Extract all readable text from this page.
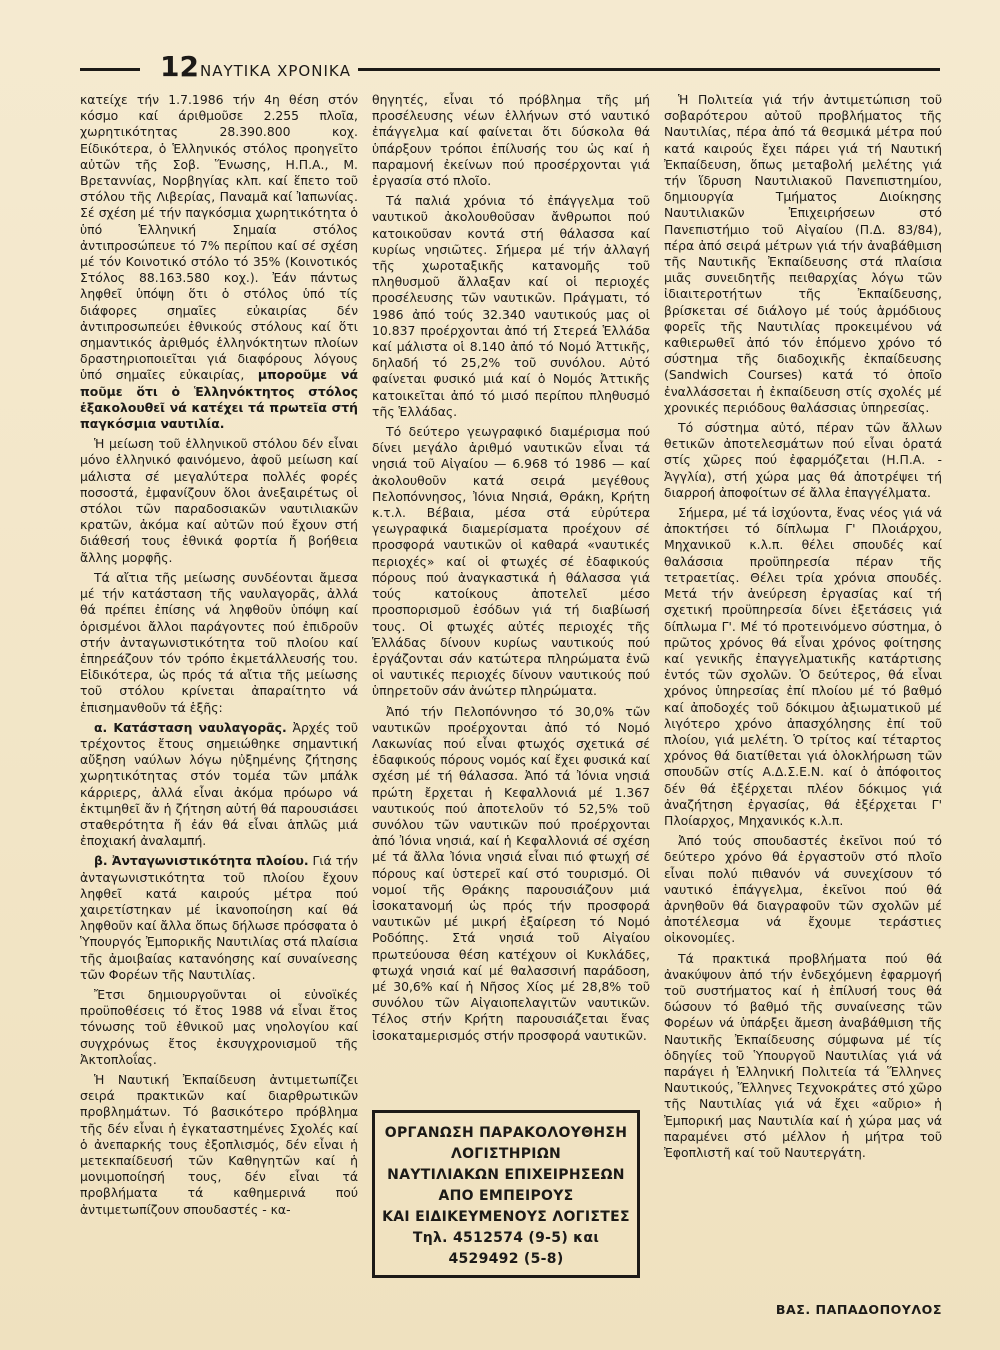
12 ΝΑΥΤΙΚΑ ΧΡΟΝΙΚΑ

κατείχε τήν 1.7.1986 τήν 4η θέση στόν κόσμο καί άριθμοῦσε 2.255 πλοῖα, χωρητικότητας 28.390.800 κοχ. Είδικότερα, ὁ Ἑλληνικός στόλος προηγεῖτο αὐτῶν τῆς Σοβ. Ἕνωσης, Η.Π.Α., Μ. Βρεταννίας, Νορβηγίας κλπ. καί ἕπετο τοῦ στόλου τῆς Λιβερίας, Παναμᾶ καί Ἰαπωνίας. Σέ σχέση μέ τήν παγκόσμια χωρητικότητα ὁ ὑπό Ἑλληνική Σημαία στόλος ἀντιπροσώπευε τό 7% περίπου καί σέ σχέση μέ τόν Κοινοτικό στόλο τό 35% (Κοινοτικός Στόλος 88.163.580 κοχ.). Ἐάν πάντως ληφθεῖ ὑπόψη ὅτι ὁ στόλος ὑπό τίς διάφορες σημαῖες εὐκαιρίας δέν ἀντιπροσωπεύει ἐθνικούς στόλους καί ὅτι σημαντικός ἀριθμός ἑλληνόκτητων πλοίων δραστηριοποιεῖται γιά διαφόρους λόγους ὑπό σημαῖες εὐκαιρίας, μποροῦμε νά ποῦμε ὅτι ὁ Ἑλληνόκτητος στόλος ἐξακολουθεῖ νά κατέχει τά πρωτεῖα στή παγκόσμια ναυτιλία.

Ἡ μείωση τοῦ ἑλληνικοῦ στόλου δέν εἶναι μόνο ἑλληνικό φαινόμενο, ἀφοῦ μείωση καί μάλιστα σέ μεγαλύτερα πολλές φορές ποσοστά, ἐμφανίζουν ὅλοι ἀνεξαιρέτως οἱ στόλοι τῶν παραδοσιακῶν ναυτιλιακῶν κρατῶν, ἀκόμα καί αὐτῶν πού ἔχουν στή διάθεσή τους ἐθνικά φορτία ἤ βοήθεια ἄλλης μορφῆς.

Τά αἴτια τῆς μείωσης συνδέονται ἄμεσα μέ τήν κατάσταση τῆς ναυλαγορᾶς, ἀλλά θά πρέπει ἐπίσης νά ληφθοῦν ὑπόψη καί ὁρισμένοι ἄλλοι παράγοντες πού ἐπιδροῦν στήν ἀνταγωνιστικότητα τοῦ πλοίου καί ἐπηρεάζουν τόν τρόπο ἐκμετάλλευσής του. Εἰδικότερα, ὡς πρός τά αἴτια τῆς μείωσης τοῦ στόλου κρίνεται ἀπαραίτητο νά ἐπισημανθοῦν τά ἑξῆς:

α. Κατάσταση ναυλαγορᾶς. Ἀρχές τοῦ τρέχοντος ἔτους σημειώθηκε σημαντική αὔξηση ναύλων λόγω ηὐξημένης ζήτησης χωρητικότητας στόν τομέα τῶν μπάλκ κάρριερς, ἀλλά εἶναι ἀκόμα πρόωρο νά ἐκτιμηθεῖ ἄν ἡ ζήτηση αὐτή θά παρουσιάσει σταθερότητα ἤ ἐάν θά εἶναι ἁπλῶς μιά ἐποχιακή ἀναλαμπή.

β. Ἀνταγωνιστικότητα πλοίου. Γιά τήν ἀνταγωνιστικότητα τοῦ πλοίου ἔχουν ληφθεῖ κατά καιρούς μέτρα πού χαιρετίστηκαν μέ ἱκανοποίηση καί θά ληφθοῦν καί ἄλλα ὅπως δήλωσε πρόσφατα ὁ Ὑπουργός Ἐμπορικῆς Ναυτιλίας στά πλαίσια τῆς ἀμοιβαίας κατανόησης καί συναίνεσης τῶν Φορέων τῆς Ναυτιλίας.

Ἔτσι δημιουργοῦνται οἱ εὐνοϊκές προϋποθέσεις τό ἔτος 1988 νά εἶναι ἔτος τόνωσης τοῦ ἐθνικοῦ μας νηολογίου καί συγχρόνως ἔτος ἐκσυγχρονισμοῦ τῆς Ἀκτοπλοΐας.

Ἡ Ναυτική Ἐκπαίδευση ἀντιμετωπίζει σειρά πρακτικῶν καί διαρθρωτικῶν προβλημάτων. Τό βασικότερο πρόβλημα τῆς δέν εἶναι ἡ ἐγκαταστημένες Σχολές καί ὁ ἀνεπαρκής τους ἐξοπλισμός, δέν εἶναι ἡ μετεκπαίδευσή τῶν Καθηγητῶν καί ἡ μονιμοποίησή τους, δέν εἶναι τά προβλήματα τά καθημερινά πού ἀντιμετωπίζουν σπουδαστές - κα-

θηγητές, εἶναι τό πρόβλημα τῆς μή προσέλευσης νέων ἑλλήνων στό ναυτικό ἐπάγγελμα καί φαίνεται ὅτι δύσκολα θά ὑπάρξουν τρόποι ἐπίλυσής του ὡς καί ἡ παραμονή ἐκείνων πού προσέρχονται γιά ἐργασία στό πλοῖο.

Τά παλιά χρόνια τό ἐπάγγελμα τοῦ ναυτικοῦ ἀκολουθοῦσαν ἄνθρωποι πού κατοικοῦσαν κοντά στή θάλασσα καί κυρίως νησιῶτες. Σήμερα μέ τήν ἀλλαγή τῆς χωροταξικῆς κατανομῆς τοῦ πληθυσμοῦ ἄλλαξαν καί οἱ περιοχές προσέλευσης τῶν ναυτικῶν. Πράγματι, τό 1986 ἀπό τούς 32.340 ναυτικούς μας οἱ 10.837 προέρχονται ἀπό τή Στερεά Ἑλλάδα καί μάλιστα οἱ 8.140 ἀπό τό Νομό Ἀττικῆς, δηλαδή τό 25,2% τοῦ συνόλου. Αὐτό φαίνεται φυσικό μιά καί ὁ Νομός Ἀττικῆς κατοικεῖται ἀπό τό μισό περίπου πληθυσμό τῆς Ἑλλάδας.

Τό δεύτερο γεωγραφικό διαμέρισμα πού δίνει μεγάλο ἀριθμό ναυτικῶν εἶναι τά νησιά τοῦ Αἰγαίου — 6.968 τό 1986 — καί ἀκολουθοῦν κατά σειρά μεγέθους Πελοπόννησος, Ἰόνια Νησιά, Θράκη, Κρήτη κ.τ.λ. Βέβαια, μέσα στά εὐρύτερα γεωγραφικά διαμερίσματα προέχουν σέ προσφορά ναυτικῶν οἱ καθαρά «ναυτικές περιοχές» καί οἱ φτωχές σέ ἐδαφικούς πόρους πού ἀναγκαστικά ἡ θάλασσα γιά τούς κατοίκους ἀποτελεῖ μέσο προσπορισμοῦ ἐσόδων γιά τή διαβίωσή τους. Οἱ φτωχές αὐτές περιοχές τῆς Ἑλλάδας δίνουν κυρίως ναυτικούς πού ἐργάζονται σάν κατώτερα πληρώματα ἐνῶ οἱ ναυτικές περιοχές δίνουν ναυτικούς πού ὑπηρετοῦν σάν ἀνώτερ πληρώματα.

Ἀπό τήν Πελοπόννησο τό 30,0% τῶν ναυτικῶν προέρχονται ἀπό τό Νομό Λακωνίας πού εἶναι φτωχός σχετικά σέ ἐδαφικούς πόρους νομός καί ἔχει φυσικά καί σχέση μέ τή θάλασσα. Ἀπό τά Ἰόνια νησιά πρώτη ἔρχεται ἡ Κεφαλλονιά μέ 1.367 ναυτικούς πού ἀποτελοῦν τό 52,5% τοῦ συνόλου τῶν ναυτικῶν πού προέρχονται ἀπό Ἰόνια νησιά, καί ἡ Κεφαλλονιά σέ σχέση μέ τά ἄλλα Ἰόνια νησιά εἶναι πιό φτωχή σέ πόρους καί ὑστερεῖ καί στό τουρισμό. Οἱ νομοί τῆς Θράκης παρουσιάζουν μιά ἰσοκατανομή ὡς πρός τήν προσφορά ναυτικῶν μέ μικρή ἐξαίρεση τό Νομό Ροδόπης. Στά νησιά τοῦ Αἰγαίου πρωτεύουσα θέση κατέχουν οἱ Κυκλάδες, φτωχά νησιά καί μέ θαλασσινή παράδοση, μέ 30,6% καί ἡ Νῆσος Χίος μέ 28,8% τοῦ συνόλου τῶν Αἰγαιοπελαγιτῶν ναυτικῶν. Τέλος στήν Κρήτη παρουσιάζεται ἕνας ἰσοκαταμερισμός στήν προσφορά ναυτικῶν.

ΟΡΓΑΝΩΣΗ ΠΑΡΑΚΟΛΟΥΘΗΣΗ
ΛΟΓΙΣΤΗΡΙΩΝ
ΝΑΥΤΙΛΙΑΚΩΝ ΕΠΙΧΕΙΡΗΣΕΩΝ
ΑΠΟ ΕΜΠΕΙΡΟΥΣ
ΚΑΙ ΕΙΔΙΚΕΥΜΕΝΟΥΣ ΛΟΓΙΣΤΕΣ
Τηλ. 4512574 (9-5) και
4529492 (5-8)

Ἡ Πολιτεία γιά τήν ἀντιμετώπιση τοῦ σοβαρότερου αὐτοῦ προβλήματος τῆς Ναυτιλίας, πέρα ἀπό τά θεσμικά μέτρα πού κατά καιρούς ἔχει πάρει γιά τή Ναυτική Ἐκπαίδευση, ὅπως μεταβολή μελέτης γιά τήν ἵδρυση Ναυτιλιακοῦ Πανεπιστημίου, δημιουργία Τμήματος Διοίκησης Ναυτιλιακῶν Ἐπιχειρήσεων στό Πανεπιστήμιο τοῦ Αἰγαίου (Π.Δ. 83/84), πέρα ἀπό σειρά μέτρων γιά τήν ἀναβάθμιση τῆς Ναυτικῆς Ἐκπαίδευσης στά πλαίσια μιᾶς συνειδητῆς πειθαρχίας λόγω τῶν ἰδιαιτεροτήτων τῆς Ἐκπαίδευσης, βρίσκεται σέ διάλογο μέ τούς ἁρμόδιους φορεῖς τῆς Ναυτιλίας προκειμένου νά καθιερωθεῖ ἀπό τόν ἑπόμενο χρόνο τό σύστημα τῆς διαδοχικῆς ἐκπαίδευσης (Sandwich Courses) κατά τό ὁποῖο ἐναλλάσσεται ἡ ἐκπαίδευση στίς σχολές μέ χρονικές περιόδους θαλάσσιας ὑπηρεσίας.

Τό σύστημα αὐτό, πέραν τῶν ἄλλων θετικῶν ἀποτελεσμάτων πού εἶναι ὁρατά στίς χῶρες πού ἐφαρμόζεται (Η.Π.Α. - Ἀγγλία), στή χώρα μας θά ἀποτρέψει τή διαρροή ἀποφοίτων σέ ἄλλα ἐπαγγέλματα.

Σήμερα, μέ τά ἰσχύοντα, ἕνας νέος γιά νά ἀποκτήσει τό δίπλωμα Γ' Πλοιάρχου, Μηχανικοῦ κ.λ.π. θέλει σπουδές καί θαλάσσια προϋπηρεσία πέραν τῆς τετραετίας. Θέλει τρία χρόνια σπουδές. Μετά τήν ἀνεύρεση ἐργασίας καί τή σχετική προϋπηρεσία δίνει ἐξετάσεις γιά δίπλωμα Γ'. Μέ τό προτεινόμενο σύστημα, ὁ πρῶτος χρόνος θά εἶναι χρόνος φοίτησης καί γενικῆς ἐπαγγελματικῆς κατάρτισης ἐντός τῶν σχολῶν. Ὁ δεύτερος, θά εἶναι χρόνος ὑπηρεσίας ἐπί πλοίου μέ τό βαθμό καί ἀποδοχές τοῦ δόκιμου ἀξιωματικοῦ μέ λιγότερο χρόνο ἀπασχόλησης ἐπί τοῦ πλοίου, γιά μελέτη. Ὁ τρίτος καί τέταρτος χρόνος θά διατίθεται γιά ὁλοκλήρωση τῶν σπουδῶν στίς Α.Δ.Σ.Ε.Ν. καί ὁ ἀπόφοιτος δέν θά ἐξέρχεται πλέον δόκιμος γιά ἀναζήτηση ἐργασίας, θά ἐξέρχεται Γ' Πλοίαρχος, Μηχανικός κ.λ.π.

Ἀπό τούς σπουδαστές ἐκεῖνοι πού τό δεύτερο χρόνο θά ἐργαστοῦν στό πλοῖο εἶναι πολύ πιθανόν νά συνεχίσουν τό ναυτικό ἐπάγγελμα, ἐκεῖνοι πού θά ἀρνηθοῦν θά διαγραφοῦν τῶν σχολῶν μέ ἀποτέλεσμα νά ἔχουμε τεράστιες οἰκονομίες.

Τά πρακτικά προβλήματα πού θά ἀνακύψουν ἀπό τήν ἐνδεχόμενη ἐφαρμογή τοῦ συστήματος καί ἡ ἐπίλυσή τους θά δώσουν τό βαθμό τῆς συναίνεσης τῶν Φορέων νά ὑπάρξει ἄμεση ἀναβάθμιση τῆς Ναυτικῆς Ἐκπαίδευσης σύμφωνα μέ τίς ὁδηγίες τοῦ Ὑπουργοῦ Ναυτιλίας γιά νά παράγει ἡ Ἑλληνική Πολιτεία τά Ἕλληνες Ναυτικούς, Ἕλληνες Τεχνοκράτες στό χῶρο τῆς Ναυτιλίας γιά νά ἔχει «αὔριο» ἡ Ἐμπορική μας Ναυτιλία καί ἡ χώρα μας νά παραμένει στό μέλλον ἡ μήτρα τοῦ Ἐφοπλιστῆ καί τοῦ Ναυτεργάτη.

ΒΑΣ. ΠΑΠΑΔΟΠΟΥΛΟΣ
